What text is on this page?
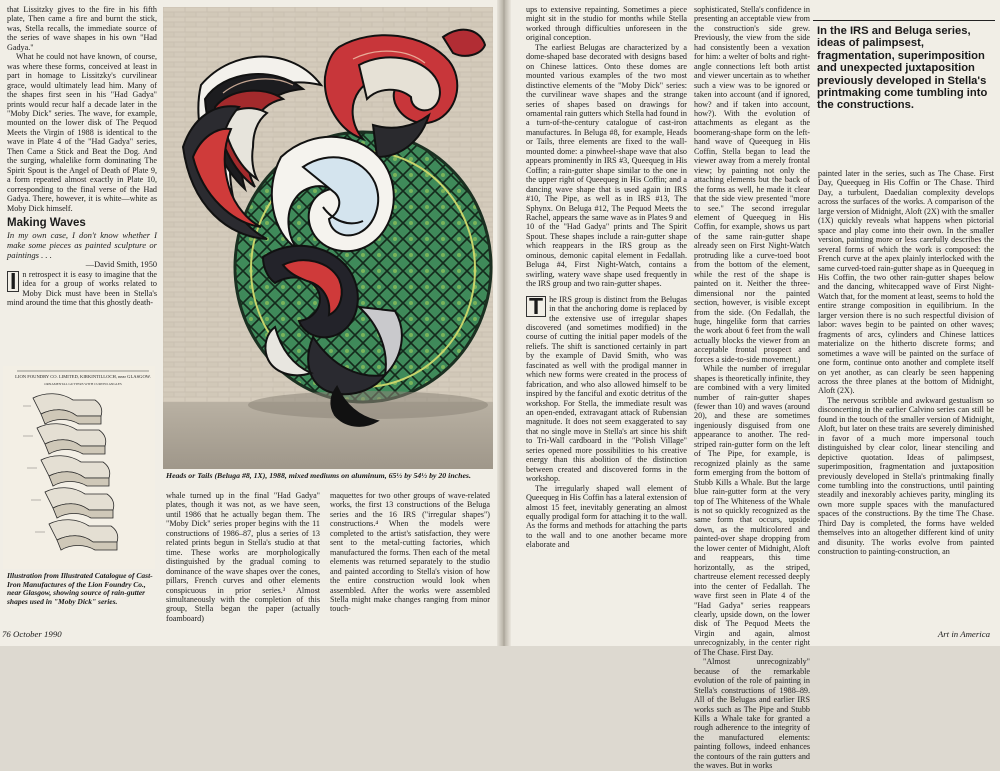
that Lissitzky gives to the fire in his fifth plate, Then came a fire and burnt the stick, was, Stella recalls, the immediate source of the series of wave shapes in his own "Had Gadya."

What he could not have known, of course, was where these forms, conceived at least in part in homage to Lissitzky's curvilinear grace, would ultimately lead him. Many of the shapes first seen in his "Had Gadya" prints would recur half a decade later in the "Moby Dick" series. The wave, for example, mounted on the lower disk of The Pequod Meets the Virgin of 1988 is identical to the wave in Plate 4 of the "Had Gadya" series, Then Came a Stick and Beat the Dog. And the surging, whalelike form dominating The Spirit Spout is the Angel of Death of Plate 9, a form repeated almost exactly in Plate 10, corresponding to the final verse of the Had Gadya. There, however, it is white—white as Moby Dick himself.

Making Waves

In my own case, I don't know whether I make some pieces as painted sculpture or paintings . . .

—David Smith, 1950

I n retrospect it is easy to imagine that the idea for a group of works related to Moby Dick must have been in Stella's mind around the time that this ghostly death-

LION FOUNDRY CO. LIMITED, KIRKINTILLOCH, near GLASGOW.
ORNAMENTAL GUTTERS WITH CURVED ANGLES
Illustration from Illustrated Catalogue of Cast-Iron Manufactures of the Lion Foundry Co., near Glasgow, showing source of rain-gutter shapes used in "Moby Dick" series.
Heads or Tails (Beluga #8, 1X), 1988, mixed mediums on aluminum, 65½ by 54½ by 20 inches.

whale turned up in the final "Had Gadya" plates, though it was not, as we have seen, until 1986 that he actually began them. The "Moby Dick" series proper begins with the 11 constructions of 1986–87, plus a series of 13 related prints begun in Stella's studio at that time. These works are morphologically distinguished by the gradual coming to dominance of the wave shapes over the cones, pillars, French curves and other elements conspicuous in prior series.³ Almost simultaneously with the completion of this group, Stella began the paper (actually foamboard)

maquettes for two other groups of wave-related works, the first 13 constructions of the Beluga series and the 16 IRS ("irregular shapes") constructions.⁴ When the models were completed to the artist's satisfaction, they were sent to the metal-cutting factories, which manufactured the forms. Then each of the metal elements was returned separately to the studio and painted according to Stella's vision of how the entire construction would look when assembled. After the works were assembled Stella might make changes ranging from minor touch-

ups to extensive repainting. Sometimes a piece might sit in the studio for months while Stella worked through difficulties unforeseen in the original conception.

The earliest Belugas are characterized by a dome-shaped base decorated with designs based on Chinese lattices. Onto these domes are mounted various examples of the two most distinctive elements of the "Moby Dick" series: the curvilinear wave shapes and the strange series of shapes based on drawings for ornamental rain gutters which Stella had found in a turn-of-the-century catalogue of cast-iron manufactures. In Beluga #8, for example, Heads or Tails, three elements are fixed to the wall-mounted dome: a pinwheel-shape wave that also appears prominently in IRS #3, Queequeg in His Coffin; a rain-gutter shape similar to the one in the upper right of Queequeg in His Coffin; and a dancing wave shape that is used again in IRS #10, The Pipe, as well as in IRS #13, The Sphynx. On Beluga #12, The Pequod Meets the Rachel, appears the same wave as in Plates 9 and 10 of the "Had Gadya" prints and The Spirit Spout. These shapes include a rain-gutter shape which reappears in the IRS group as the ominous, demonic capital element in Fedallah. Beluga #4, First Night-Watch, contains a swirling, watery wave shape used frequently in the IRS group and two rain-gutter shapes.

T he IRS group is distinct from the Belugas in that the anchoring dome is replaced by the extensive use of irregular shapes discovered (and sometimes modified) in the course of cutting the initial paper models of the reliefs. The shift is sanctioned certainly in part by the example of David Smith, who was fascinated as well with the prodigal manner in which new forms were created in the process of fabrication, and who also allowed himself to be inspired by the fanciful and exotic detritus of the workshop. For Stella, the immediate result was an open-ended, extravagant attack of Rubensian magnitude. It does not seem exaggerated to say that no single move in Stella's art since his shift to Tri-Wall cardboard in the "Polish Village" series opened more possibilities to his creative energy than this abolition of the distinction between created and discovered forms in the workshop.

The irregularly shaped wall element of Queequeg in His Coffin has a lateral extension of almost 15 feet, inevitably generating an almost equally prodigal form for attaching it to the wall. As the forms and methods for attaching the parts to the wall and to one another became more elaborate and

sophisticated, Stella's confidence in presenting an acceptable view from the construction's side grew. Previously, the view from the side had consistently been a vexation for him: a welter of bolts and right-angle connections left both artist and viewer uncertain as to whether such a view was to be ignored or taken into account (and if ignored, how? and if taken into account, how?). With the evolution of attachments as elegant as the boomerang-shape form on the left-hand wave of Queequeg in His Coffin, Stella began to lead the viewer away from a merely frontal view; by painting not only the attaching elements but the back of the forms as well, he made it clear that the side view presented "more to see." The second irregular element of Queequeg in His Coffin, for example, shows us part of the same rain-gutter shape already seen on First Night-Watch protruding like a curve-toed boot from the bottom of the element, while the rest of the shape is painted on it. Neither the three-dimensional nor the painted section, however, is visible except from the side. (On Fedallah, the huge, hingelike form that carries the work about 6 feet from the wall actually blocks the viewer from an acceptable frontal prospect and forces a side-to-side movement.)

While the number of irregular shapes is theoretically infinite, they are combined with a very limited number of rain-gutter shapes (fewer than 10) and waves (around 20), and these are sometimes ingeniously disguised from one appearance to another. The red-striped rain-gutter form on the left of The Pipe, for example, is recognized plainly as the same form emerging from the bottom of Stubb Kills a Whale. But the large blue rain-gutter form at the very top of The Whiteness of the Whale is not so quickly recognized as the same form that occurs, upside down, as the multicolored and painted-over shape dropping from the lower center of Midnight, Aloft and reappears, this time horizontally, as the striped, chartreuse element recessed deeply into the center of Fedallah. The wave first seen in Plate 4 of the "Had Gadya" series reappears clearly, upside down, on the lower disk of The Pequod Meets the Virgin and again, almost unrecognizably, in the center right of The Chase. First Day.

"Almost unrecognizably" because of the remarkable evolution of the role of painting in Stella's constructions of 1988–89. All of the Belugas and earlier IRS works such as The Pipe and Stubb Kills a Whale take for granted a rough adherence to the integrity of the manufactured elements: painting follows, indeed enhances the contours of the rain gutters and the waves. But in works

In the IRS and Beluga series, ideas of palimpsest, fragmentation, superimposition and unexpected juxtaposition previously developed in Stella's printmaking come tumbling into the constructions.

painted later in the series, such as The Chase. First Day, Queequeg in His Coffin or The Chase. Third Day, a turbulent, Daedalian complexity develops across the surfaces of the works. A comparison of the large version of Midnight, Aloft (2X) with the smaller (1X) quickly reveals what happens when pictorial space and play come into their own. In the smaller version, painting more or less carefully describes the several forms of which the work is composed: the French curve at the apex plainly interlocked with the same curved-toed rain-gutter shape as in Queequeg in His Coffin, the two other rain-gutter shapes below and the dancing, whitecapped wave of First Night-Watch that, for the moment at least, seems to hold the entire strange composition in equilibrium. In the larger version there is no such respectful division of labor: waves begin to be painted on other waves; fragments of arcs, cylinders and Chinese lattices materialize on the hitherto discrete forms; and sometimes a wave will be painted on the surface of one form, continue onto another and complete itself on yet another, as can clearly be seen happening across the three planes at the bottom of Midnight, Aloft (2X).

The nervous scribble and awkward gestualism so disconcerting in the earlier Calvino series can still be found in the touch of the smaller version of Midnight, Aloft, but later on these traits are severely diminished in favor of a much more impersonal touch distinguished by clear color, linear stenciling and depictive quotation. Ideas of palimpsest, superimposition, fragmentation and juxtaposition previously developed in Stella's printmaking finally come tumbling into the constructions, until painting steadily and inexorably achieves parity, mingling its own more supple spaces with the manufactured spaces of the constructions. By the time The Chase. Third Day is completed, the forms have welded themselves into an altogether different kind of unity and disunity. The works evolve from painted construction to painting-construction, an

76 October 1990	Art in America
